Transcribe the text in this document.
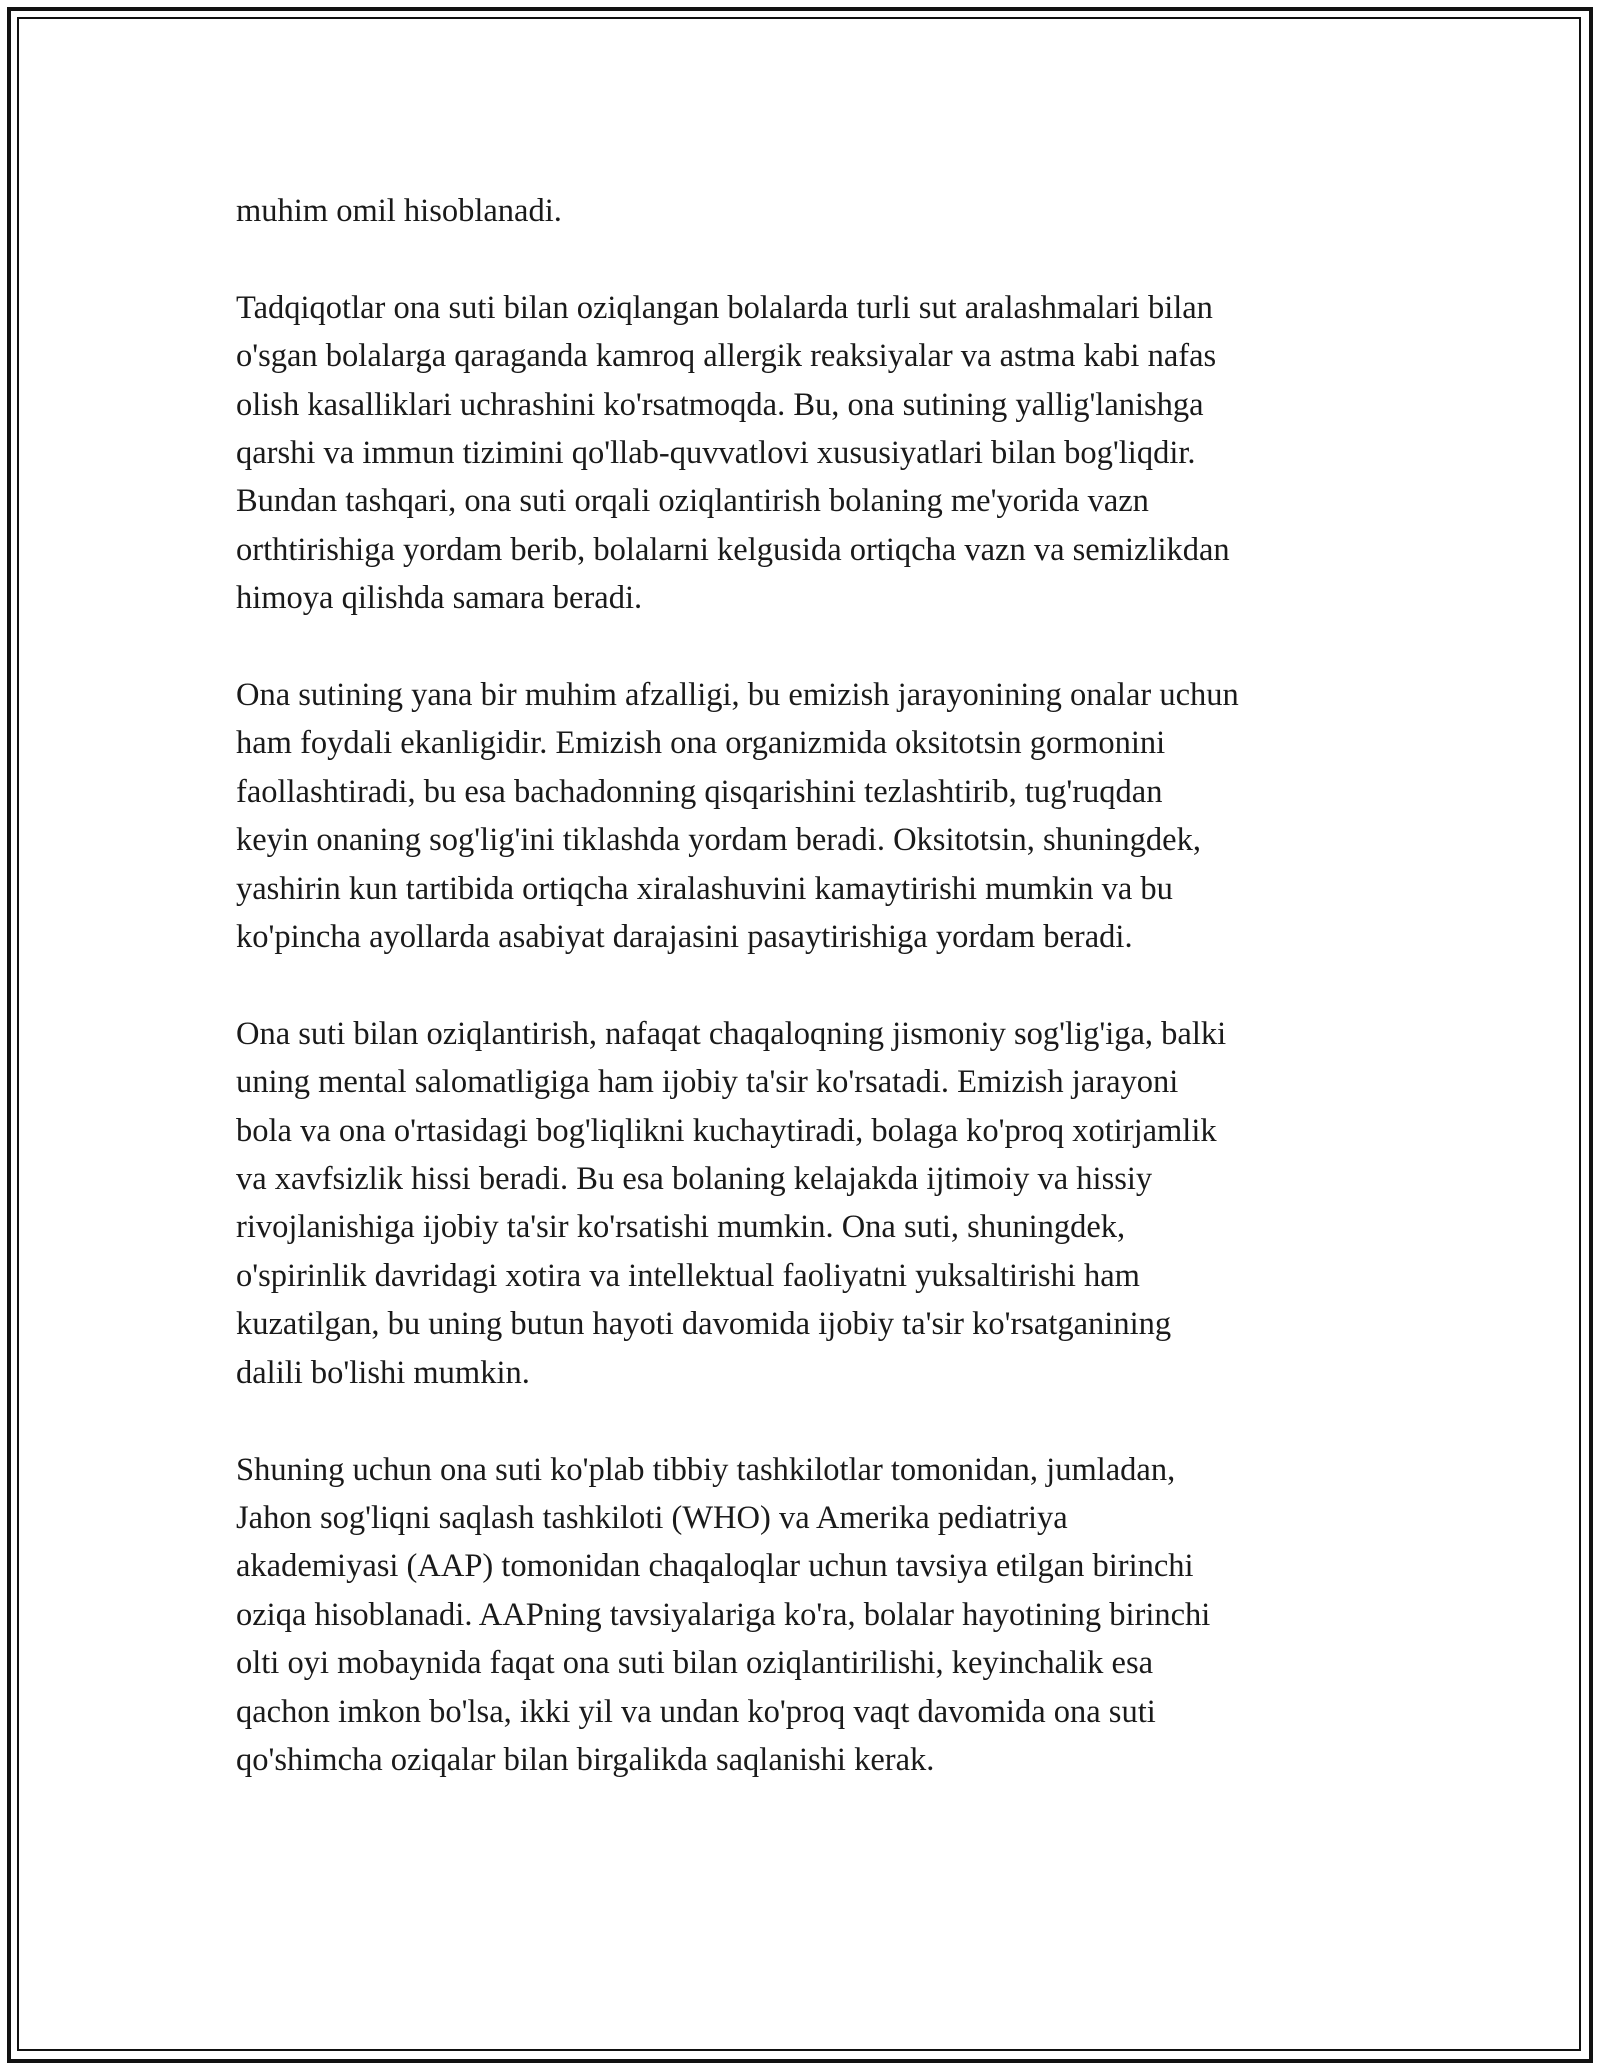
muhim omil hisoblanadi.

Tadqiqotlar ona suti bilan oziqlangan bolalarda turli sut aralashmalari bilan
o'sgan bolalarga qaraganda kamroq allergik reaksiyalar va astma kabi nafas
olish kasalliklari uchrashini ko'rsatmoqda. Bu, ona sutining yallig'lanishga
qarshi va immun tizimini qo'llab-quvvatlovi xususiyatlari bilan bog'liqdir.
Bundan tashqari, ona suti orqali oziqlantirish bolaning me'yorida vazn
orthtirishiga yordam berib, bolalarni kelgusida ortiqcha vazn va semizlikdan
himoya qilishda samara beradi.

Ona sutining yana bir muhim afzalligi, bu emizish jarayonining onalar uchun
ham foydali ekanligidir. Emizish ona organizmida oksitotsin gormonini
faollashtiradi, bu esa bachadonning qisqarishini tezlashtirib, tug'ruqdan
keyin onaning sog'lig'ini tiklashda yordam beradi. Oksitotsin, shuningdek,
yashirin kun tartibida ortiqcha xiralashuvini kamaytirishi mumkin va bu
ko'pincha ayollarda asabiyat darajasini pasaytirishiga yordam beradi.

Ona suti bilan oziqlantirish, nafaqat chaqaloqning jismoniy sog'lig'iga, balki
uning mental salomatligiga ham ijobiy ta'sir ko'rsatadi. Emizish jarayoni
bola va ona o'rtasidagi bog'liqlikni kuchaytiradi, bolaga ko'proq xotirjamlik
va xavfsizlik hissi beradi. Bu esa bolaning kelajakda ijtimoiy va hissiy
rivojlanishiga ijobiy ta'sir ko'rsatishi mumkin. Ona suti, shuningdek,
o'spirinlik davridagi xotira va intellektual faoliyatni yuksaltirishi ham
kuzatilgan, bu uning butun hayoti davomida ijobiy ta'sir ko'rsatganining
dalili bo'lishi mumkin.

Shuning uchun ona suti ko'plab tibbiy tashkilotlar tomonidan, jumladan,
Jahon sog'liqni saqlash tashkiloti (WHO) va Amerika pediatriya
akademiyasi (AAP) tomonidan chaqaloqlar uchun tavsiya etilgan birinchi
oziqa hisoblanadi. AAPning tavsiyalariga ko'ra, bolalar hayotining birinchi
olti oyi mobaynida faqat ona suti bilan oziqlantirilishi, keyinchalik esa
qachon imkon bo'lsa, ikki yil va undan ko'proq vaqt davomida ona suti
qo'shimcha oziqalar bilan birgalikda saqlanishi kerak.
